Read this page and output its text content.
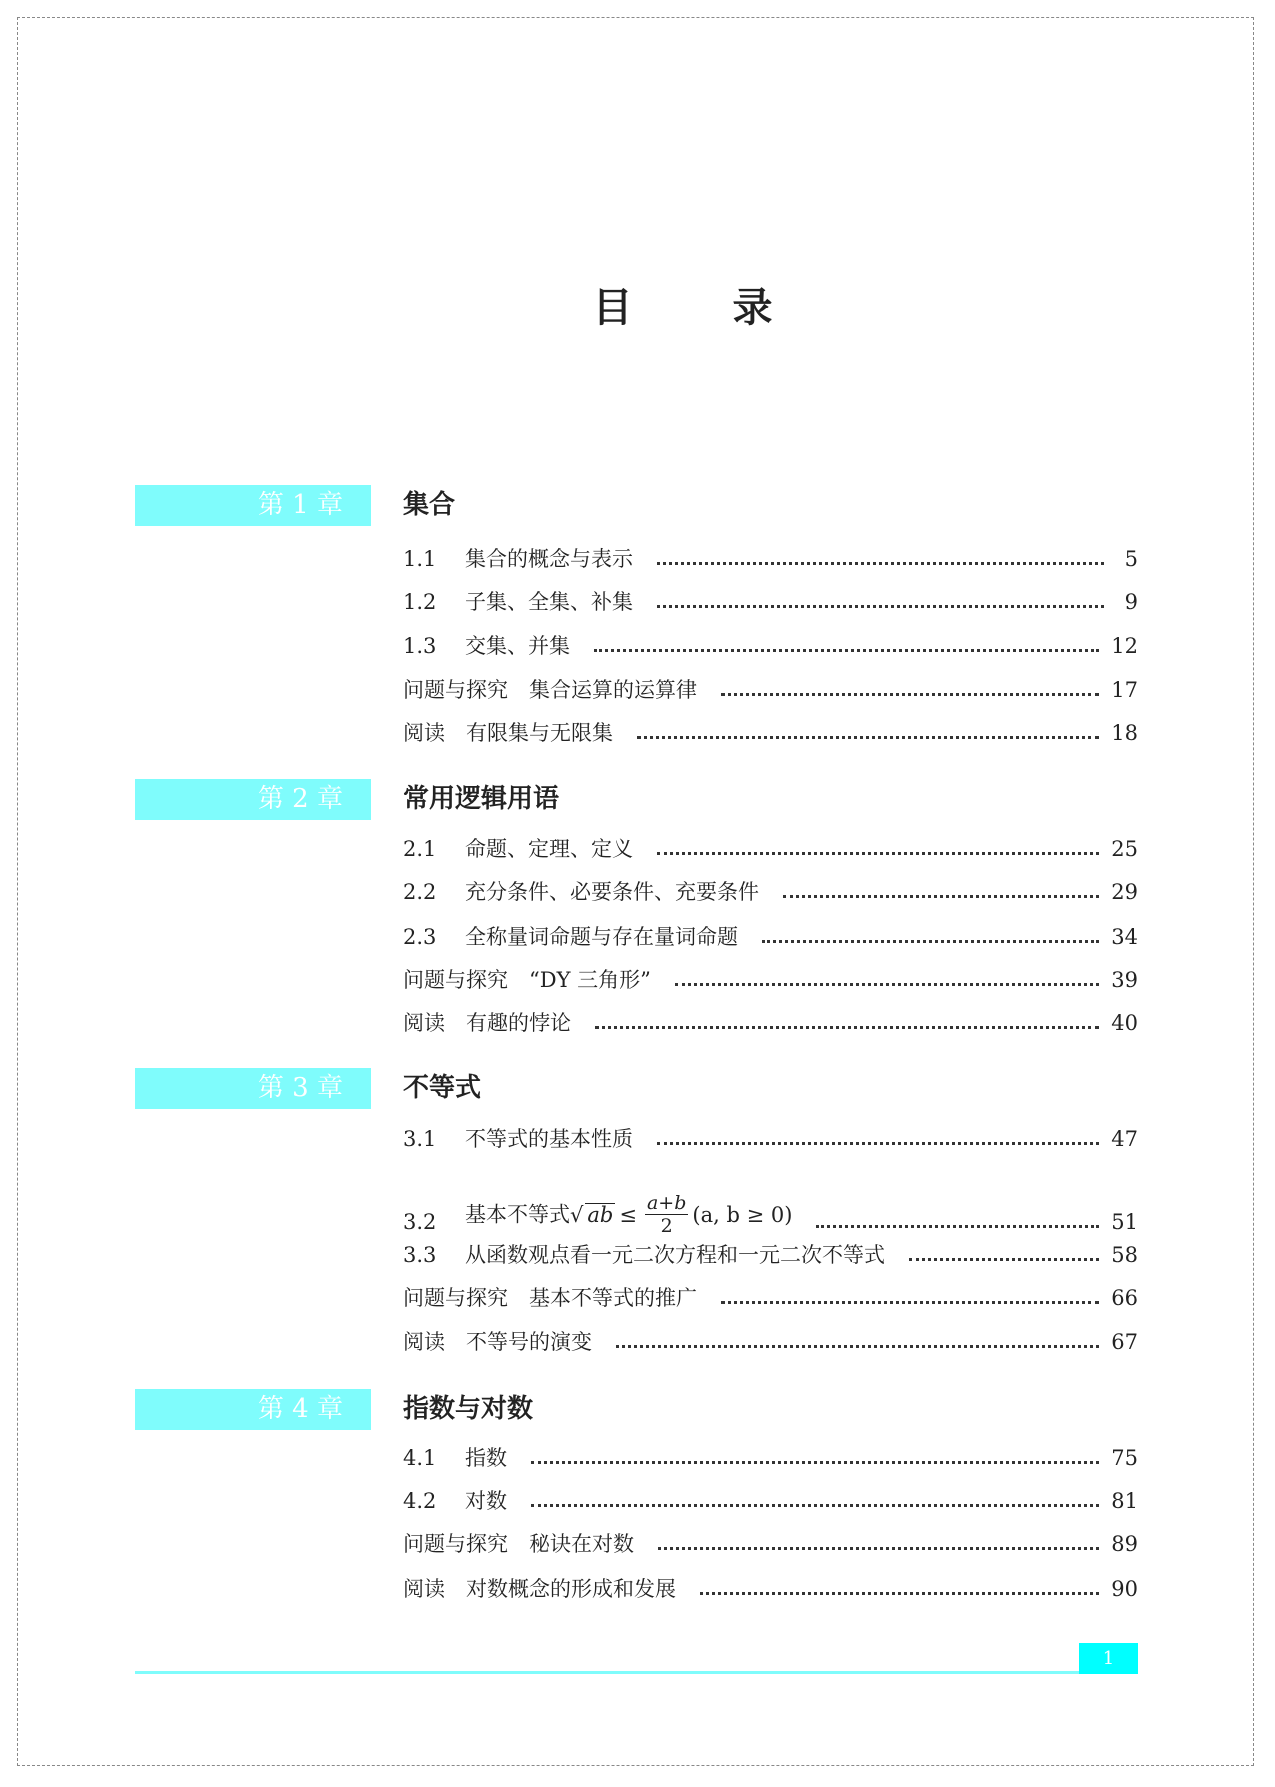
目	录
第 1 章	集合
1.1	集合的概念与表示	5
1.2	子集、全集、补集	9
1.3	交集、并集	12
问题与探究　集合运算的运算律	17
阅读　有限集与无限集	18
第 2 章	常用逻辑用语
2.1	命题、定理、定义	25
2.2	充分条件、必要条件、充要条件	29
2.3	全称量词命题与存在量词命题	34
问题与探究　“DY 三角形”	39
阅读　有趣的悖论	40
第 3 章	不等式
3.1	不等式的基本性质	47
3.2	基本不等式 √ ab ≤ $\frac{a+b}{2} (a$, b ≥ 0)	51
3.3	从函数观点看一元二次方程和一元二次不等式	58
问题与探究　基本不等式的推广	66
阅读　不等号的演变	67
第 4 章	指数与对数
4.1	指数	75
4.2	对数	81
问题与探究　秘诀在对数	89
阅读　对数概念的形成和发展	90
1
